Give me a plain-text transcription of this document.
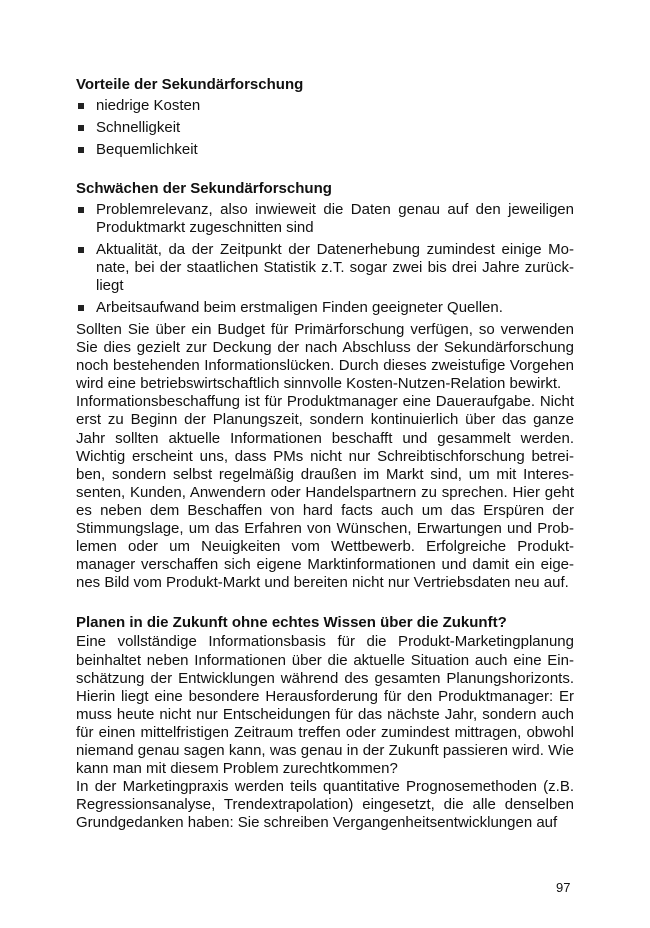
Vorteile der Sekundärforschung
niedrige Kosten
Schnelligkeit
Bequemlichkeit
Schwächen der Sekundärforschung
Problemrelevanz, also inwieweit die Daten genau auf den jeweiligen Produktmarkt zugeschnitten sind
Aktualität, da der Zeitpunkt der Datenerhebung zumindest einige Monate, bei der staatlichen Statistik z.T. sogar zwei bis drei Jahre zurückliegt
Arbeitsaufwand beim erstmaligen Finden geeigneter Quellen.

Sollten Sie über ein Budget für Primärforschung verfügen, so verwenden Sie dies gezielt zur Deckung der nach Abschluss der Sekundärforschung noch bestehenden Informationslücken. Durch dieses zweistufige Vorgehen wird eine betriebswirtschaftlich sinnvolle Kosten-Nutzen-Relation bewirkt.

Informationsbeschaffung ist für Produktmanager eine Daueraufgabe. Nicht erst zu Beginn der Planungszeit, sondern kontinuierlich über das ganze Jahr sollten aktuelle Informationen beschafft und gesammelt werden. Wichtig erscheint uns, dass PMs nicht nur Schreibtischforschung betreiben, sondern selbst regelmäßig draußen im Markt sind, um mit Interessenten, Kunden, Anwendern oder Handelspartnern zu sprechen. Hier geht es neben dem Beschaffen von hard facts auch um das Erspüren der Stimmungslage, um das Erfahren von Wünschen, Erwartungen und Problemen oder um Neuigkeiten vom Wettbewerb. Erfolgreiche Produktmanager verschaffen sich eigene Marktinformationen und damit ein eigenes Bild vom Produkt-Markt und bereiten nicht nur Vertriebsdaten neu auf.

Planen in die Zukunft ohne echtes Wissen über die Zukunft?

Eine vollständige Informationsbasis für die Produkt-Marketingplanung beinhaltet neben Informationen über die aktuelle Situation auch eine Einschätzung der Entwicklungen während des gesamten Planungshorizonts. Hierin liegt eine besondere Herausforderung für den Produktmanager: Er muss heute nicht nur Entscheidungen für das nächste Jahr, sondern auch für einen mittelfristigen Zeitraum treffen oder zumindest mittragen, obwohl niemand genau sagen kann, was genau in der Zukunft passieren wird. Wie kann man mit diesem Problem zurechtkommen?

In der Marketingpraxis werden teils quantitative Prognosemethoden (z.B. Regressionsanalyse, Trendextrapolation) eingesetzt, die alle denselben Grundgedanken haben: Sie schreiben Vergangenheitsentwicklungen auf

97
